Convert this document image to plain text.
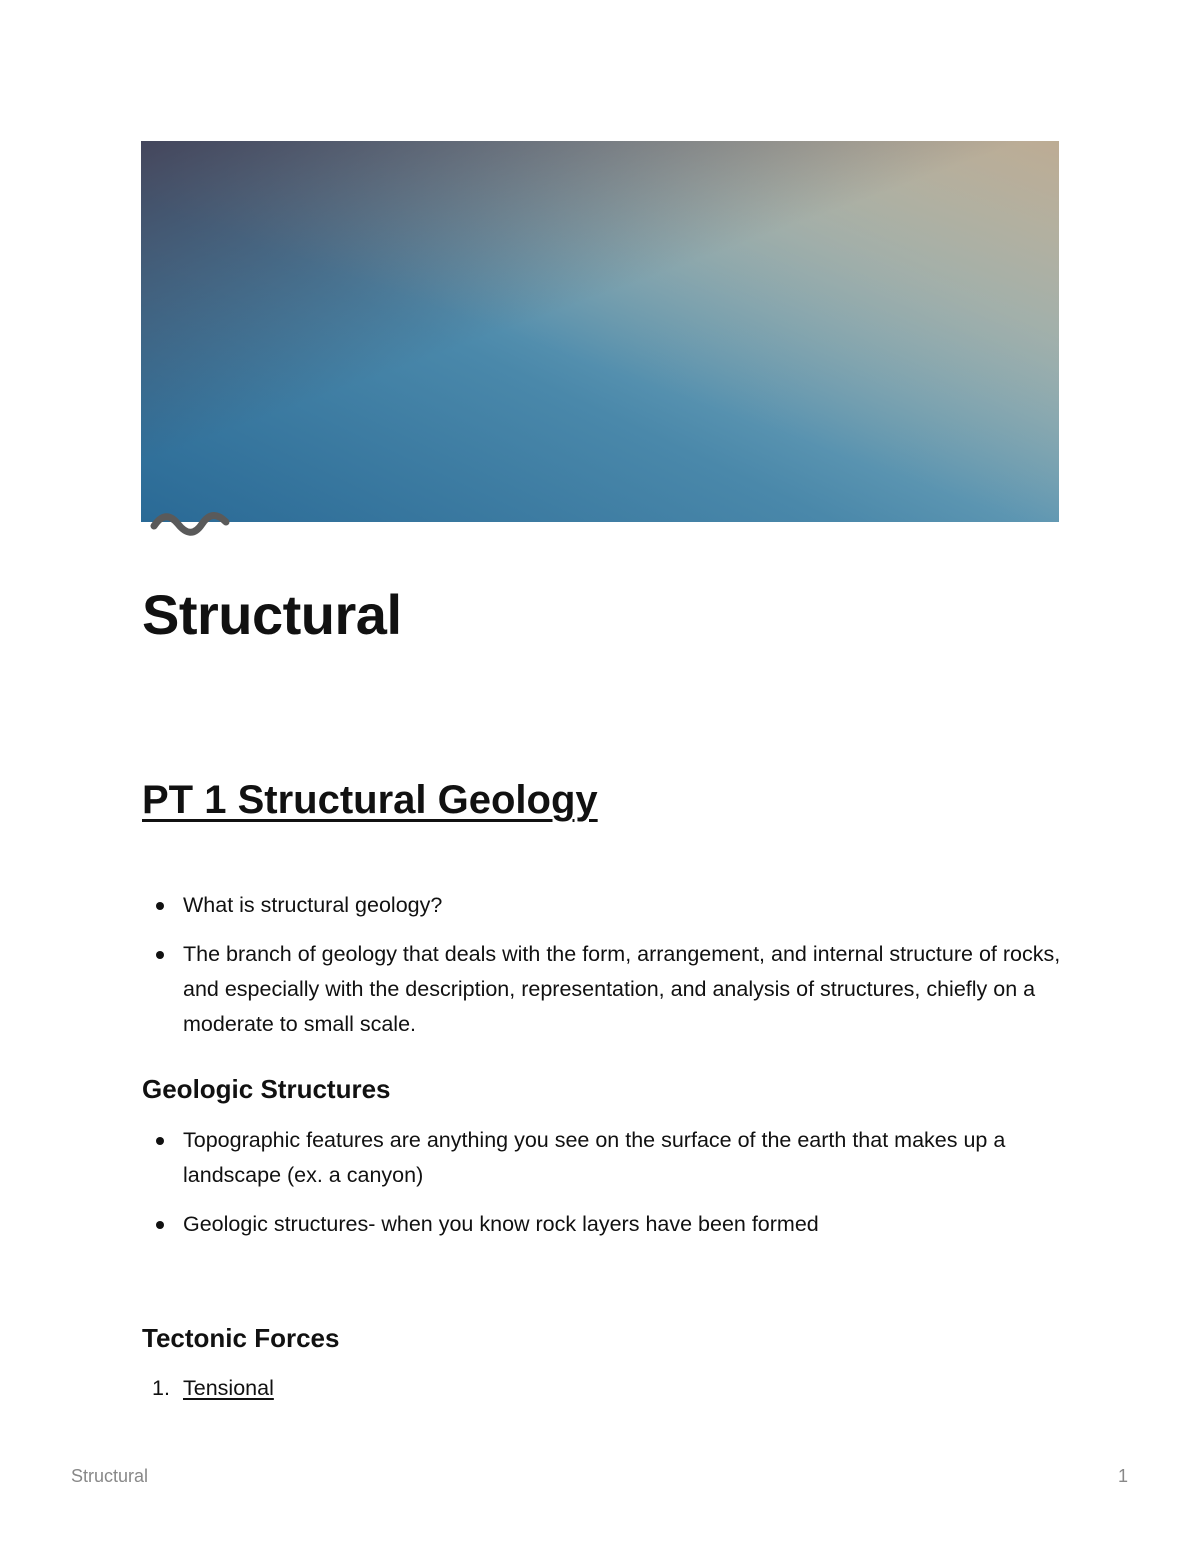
Structural
PT 1 Structural Geology
What is structural geology?
The branch of geology that deals with the form, arrangement, and internal structure of rocks, and especially with the description, representation, and analysis of structures, chiefly on a moderate to small scale.
Geologic Structures
Topographic features are anything you see on the surface of the earth that makes up a landscape (ex. a canyon)
Geologic structures- when you know rock layers have been formed
Tectonic Forces
1. Tensional
Structural	1
